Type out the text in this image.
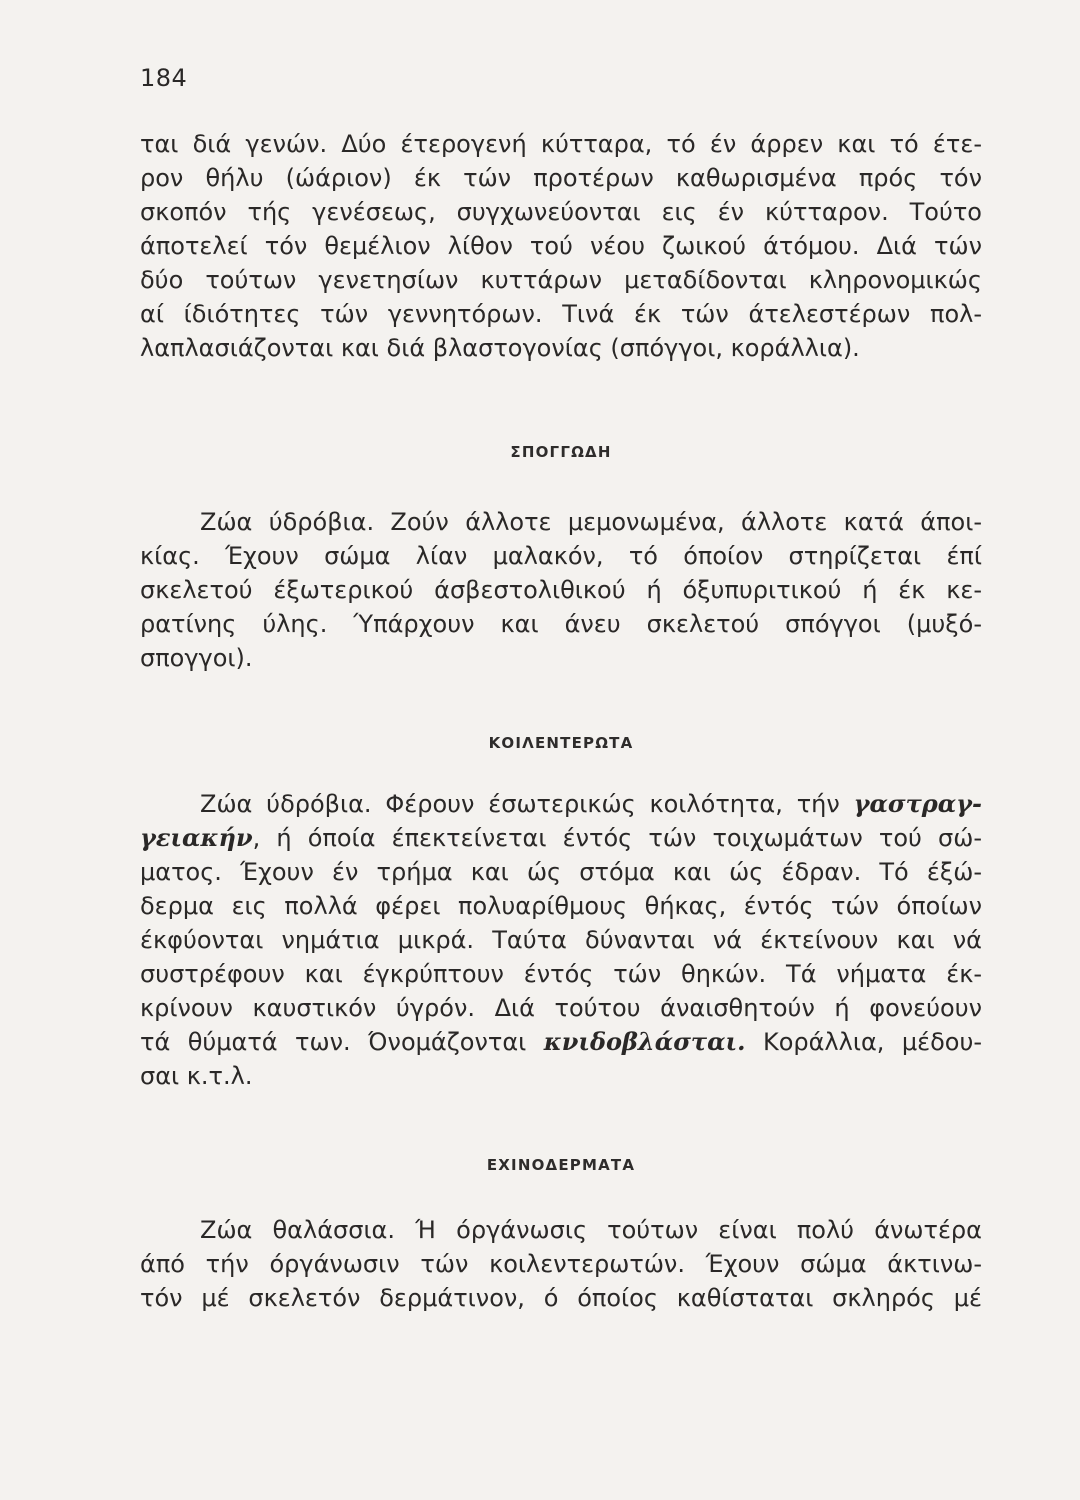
184
ται διά γενών. Δύο έτερογενή κύτταρα, τό έν άρρεν και τό έτε-
ρον θήλυ (ώάριον) έκ τών προτέρων καθωρισμένα πρός τόν
σκοπόν τής γενέσεως, συγχωνεύονται εις έν κύτταρον. Τούτο
άποτελεί τόν θεμέλιον λίθον τού νέου ζωικού άτόμου. Διά τών
δύο τούτων γενετησίων κυττάρων μεταδίδονται κληρονομικώς
αί ίδιότητες τών γεννητόρων. Τινά έκ τών άτελεστέρων πολ-
λαπλασιάζονται και διά βλαστογονίας (σπόγγοι, κοράλλια).
ΣΠΟΓΓΩΔΗ
Ζώα ύδρόβια. Ζούν άλλοτε μεμονωμένα, άλλοτε κατά άποι-
κίας. Έχουν σώμα λίαν μαλακόν, τό όποίον στηρίζεται έπί
σκελετού έξωτερικού άσβεστολιθικού ή όξυπυριτικού ή έκ κε-
ρατίνης ύλης. Ύπάρχουν και άνευ σκελετού σπόγγοι (μυξό-
σπογγοι).
ΚΟΙΛΕΝΤΕΡΩΤΑ
Ζώα ύδρόβια. Φέρουν έσωτερικώς κοιλότητα, τήν γαστραγ-
γειακήν, ή όποία έπεκτείνεται έντός τών τοιχωμάτων τού σώ-
ματος. Έχουν έν τρήμα και ώς στόμα και ώς έδραν. Τό έξώ-
δερμα εις πολλά φέρει πολυαρίθμους θήκας, έντός τών όποίων
έκφύονται νημάτια μικρά. Ταύτα δύνανται νά έκτείνουν και νά
συστρέφουν και έγκρύπτουν έντός τών θηκών. Τά νήματα έκ-
κρίνουν καυστικόν ύγρόν. Διά τούτου άναισθητούν ή φονεύουν
τά θύματά των. Όνομάζονται κνιδοβλάσται. Κοράλλια, μέδου-
σαι κ.τ.λ.
ΕΧΙΝΟΔΕΡΜΑΤΑ
Ζώα θαλάσσια. Ή όργάνωσις τούτων είναι πολύ άνωτέρα
άπό τήν όργάνωσιν τών κοιλεντερωτών. Έχουν σώμα άκτινω-
τόν μέ σκελετόν δερμάτινον, ό όποίος καθίσταται σκληρός μέ
